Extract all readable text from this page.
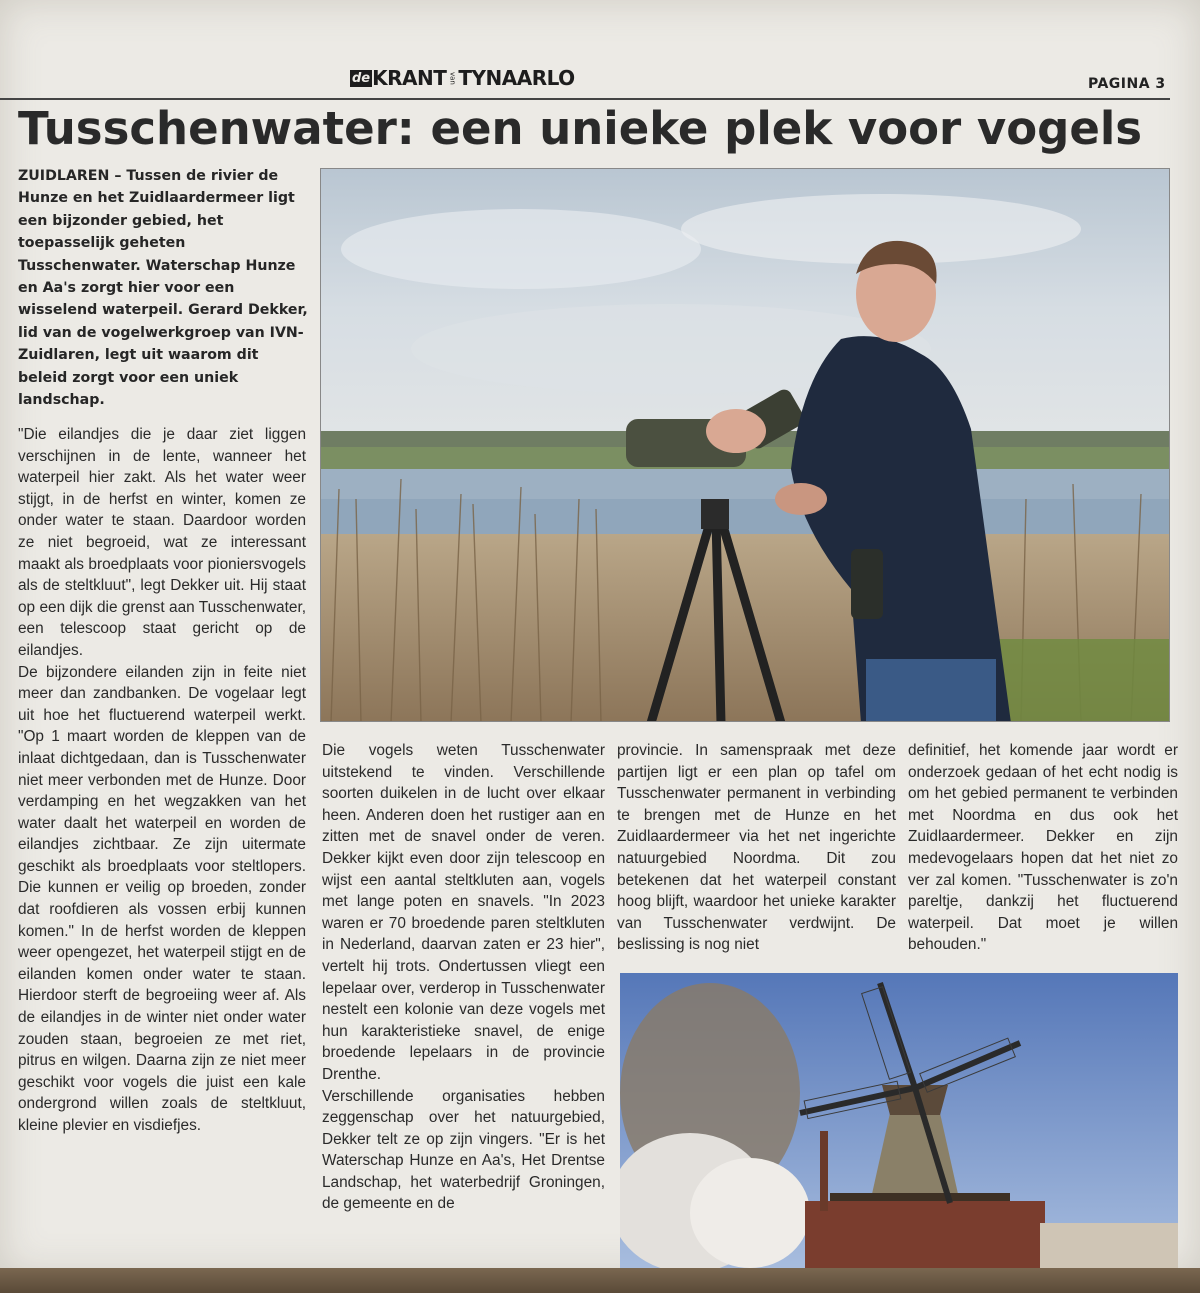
de KRANT van TYNAARLO	PAGINA 3
Tusschenwater: een unieke plek voor vogels
ZUIDLAREN – Tussen de rivier de Hunze en het Zuidlaardermeer ligt een bijzonder gebied, het toepasselijk geheten Tusschenwater. Waterschap Hunze en Aa's zorgt hier voor een wisselend waterpeil. Gerard Dekker, lid van de vogelwerkgroep van IVN-Zuidlaren, legt uit waarom dit beleid zorgt voor een uniek landschap.

"Die eilandjes die je daar ziet liggen verschijnen in de lente, wanneer het waterpeil hier zakt. Als het water weer stijgt, in de herfst en winter, komen ze onder water te staan. Daardoor worden ze niet begroeid, wat ze interessant maakt als broedplaats voor pioniersvogels als de steltkluut", legt Dekker uit. Hij staat op een dijk die grenst aan Tusschenwater, een telescoop staat gericht op de eilandjes.

De bijzondere eilanden zijn in feite niet meer dan zandbanken. De vogelaar legt uit hoe het fluctuerend waterpeil werkt. "Op 1 maart worden de kleppen van de inlaat dichtgedaan, dan is Tusschenwater niet meer verbonden met de Hunze. Door verdamping en het wegzakken van het water daalt het waterpeil en worden de eilandjes zichtbaar. Ze zijn uitermate geschikt als broedplaats voor steltlopers. Die kunnen er veilig op broeden, zonder dat roofdieren als vossen erbij kunnen komen." In de herfst worden de kleppen weer opengezet, het waterpeil stijgt en de eilanden komen onder water te staan. Hierdoor sterft de begroeiing weer af. Als de eilandjes in de winter niet onder water zouden staan, begroeien ze met riet, pitrus en wilgen. Daarna zijn ze niet meer geschikt voor vogels die juist een kale ondergrond willen zoals de steltkluut, kleine plevier en visdiefjes.

Die vogels weten Tusschenwater uitstekend te vinden. Verschillende soorten duikelen in de lucht over elkaar heen. Anderen doen het rustiger aan en zitten met de snavel onder de veren. Dekker kijkt even door zijn telescoop en wijst een aantal steltkluten aan, vogels met lange poten en snavels. "In 2023 waren er 70 broedende paren steltkluten in Nederland, daarvan zaten er 23 hier", vertelt hij trots. Ondertussen vliegt een lepelaar over, verderop in Tusschenwater nestelt een kolonie van deze vogels met hun karakteristieke snavel, de enige broedende lepelaars in de provincie Drenthe.

Verschillende organisaties hebben zeggenschap over het natuurgebied, Dekker telt ze op zijn vingers. "Er is het Waterschap Hunze en Aa's, Het Drentse Landschap, het waterbedrijf Groningen, de gemeente en de

provincie. In samenspraak met deze partijen ligt er een plan op tafel om Tusschenwater permanent in verbinding te brengen met de Hunze en het Zuidlaardermeer via het net ingerichte natuurgebied Noordma. Dit zou betekenen dat het waterpeil constant hoog blijft, waardoor het unieke karakter van Tusschenwater verdwijnt. De beslissing is nog niet

definitief, het komende jaar wordt er onderzoek gedaan of het echt nodig is om het gebied permanent te verbinden met Noordma en dus ook het Zuidlaardermeer. Dekker en zijn medevogelaars hopen dat het niet zo ver zal komen. "Tusschenwater is zo'n pareltje, dankzij het fluctuerend waterpeil. Dat moet je willen behouden."
